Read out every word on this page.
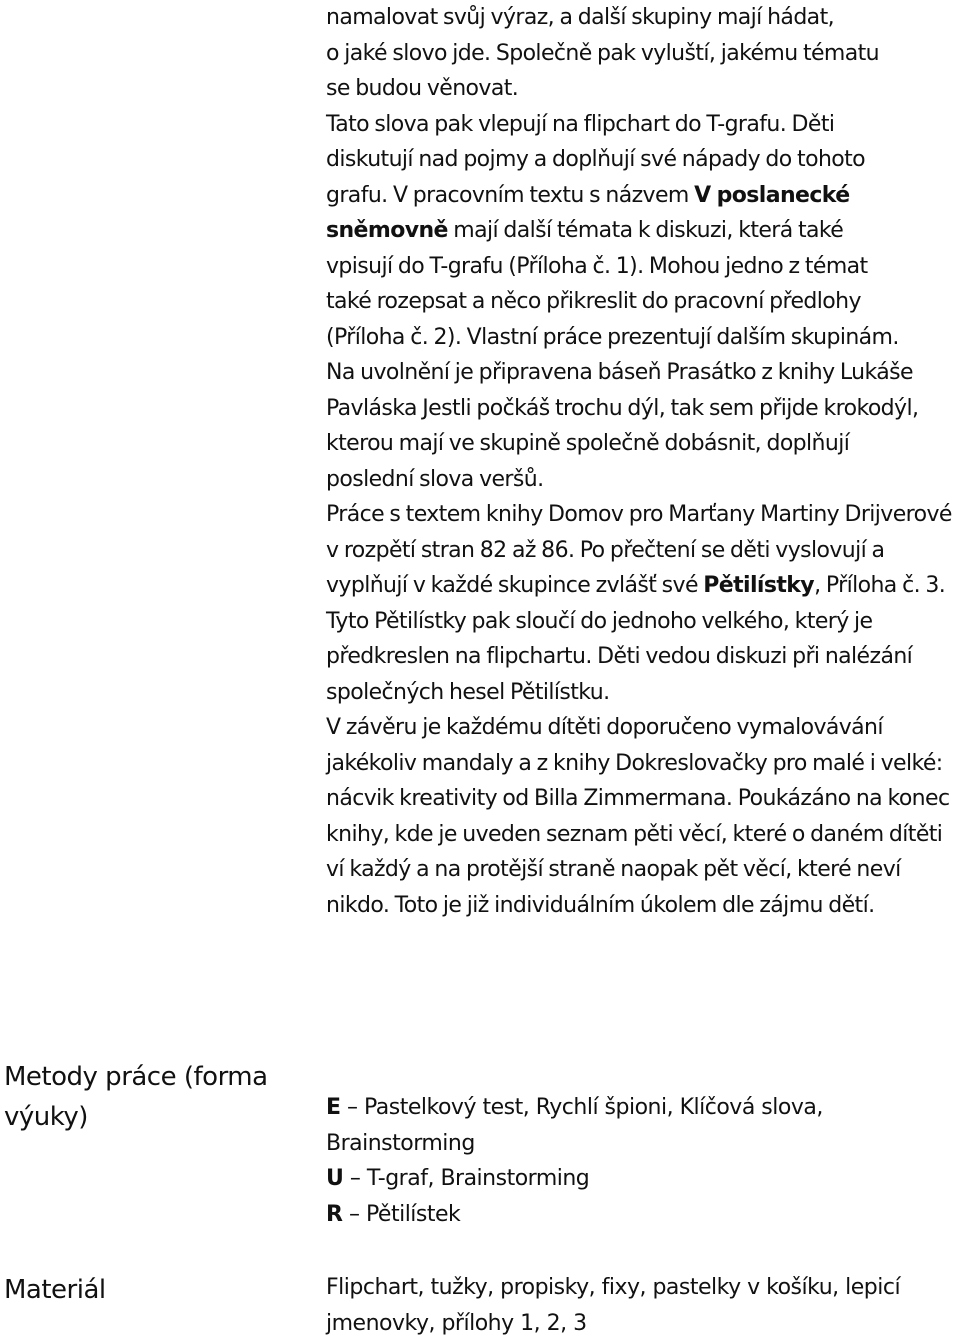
namalovat svůj výraz, a další skupiny mají hádat,
o jaké slovo jde. Společně pak vyluští, jakému tématu
se budou věnovat.
Tato slova pak vlepují na flipchart do T-grafu. Děti
diskutují nad pojmy a doplňují své nápady do tohoto

grafu. V pracovním textu s názvem V poslanecké sněmovně mají další témata k diskuzi, která také vpisují do T-grafu (Příloha č. 1). Mohou jedno z témat také rozepsat a něco přikreslit do pracovní předlohy (Příloha č. 2). Vlastní práce prezentují dalším skupinám.

Na uvolnění je připravena báseň Prasátko z knihy Lukáše Pavláska Jestli počkáš trochu dýl, tak sem přijde krokodýl, kterou mají ve skupině společně dobásnit, doplňují poslední slova veršů.

Práce s textem knihy Domov pro Marťany Martiny Drijverové v rozpětí stran 82 až 86. Po přečtení se děti vyslovují a vyplňují v každé skupince zvlášť své Pětilístky, Příloha č. 3.

Tyto Pětilístky pak sloučí do jednoho velkého, který je předkreslen na flipchartu. Děti vedou diskuzi při nalézání společných hesel Pětilístku.

V závěru je každému dítěti doporučeno vymalovávání jakékoliv mandaly a z knihy Dokreslovačky pro malé i velké: nácvik kreativity od Billa Zimmermana. Poukázáno na konec knihy, kde je uveden seznam pěti věcí, které o daném dítěti ví každý a na protější straně naopak pět věcí, které neví nikdo. Toto je již individuálním úkolem dle zájmu dětí.

Metody práce (forma výuky)	E – Pastelkový test, Rychlí špioni, Klíčová slova, Brainstorming

U – T-graf, Brainstorming

R – Pětilístek

Materiál	Flipchart, tužky, propisky, fixy, pastelky v košíku, lepicí jmenovky, přílohy 1, 2, 3
